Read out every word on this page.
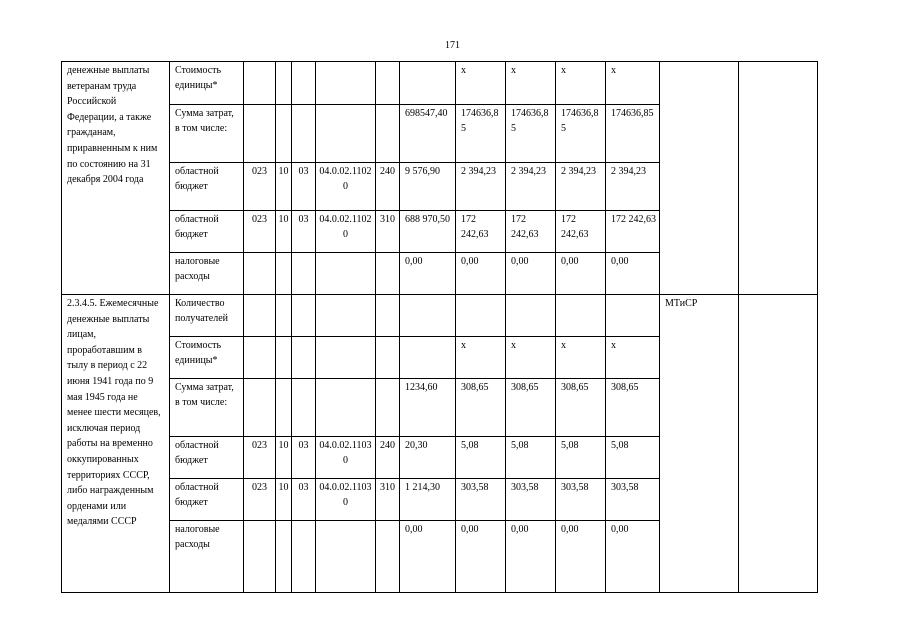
171
денежные выплаты ветеранам труда Российской Федерации, а также гражданам, приравненным к ним по состоянию на 31 декабря 2004 года	Стоимость единицы*							х	х	х	х		
	Сумма затрат, в том числе:						698547,40	174636,85	174636,85	174636,85	174636,85		
	областной бюджет	023	10	03	04.0.02.11020	240	9 576,90	2 394,23	2 394,23	2 394,23	2 394,23		
	областной бюджет	023	10	03	04.0.02.11020	310	688 970,50	172 242,63	172 242,63	172 242,63	172 242,63		
	налоговые расходы						0,00	0,00	0,00	0,00	0,00		
2.3.4.5. Ежемесячные денежные выплаты лицам, проработавшим в тылу в период с 22 июня 1941 года по 9 мая 1945 года не менее шести месяцев, исключая период работы на временно оккупированных территориях СССР, либо награжденным орденами или медалями СССР	Количество получателей											МТиСР	
	Стоимость единицы*							х	х	х	х		
	Сумма затрат, в том числе:						1234,60	308,65	308,65	308,65	308,65		
	областной бюджет	023	10	03	04.0.02.11030	240	20,30	5,08	5,08	5,08	5,08		
	областной бюджет	023	10	03	04.0.02.11030	310	1 214,30	303,58	303,58	303,58	303,58		
	налоговые расходы						0,00	0,00	0,00	0,00	0,00		
